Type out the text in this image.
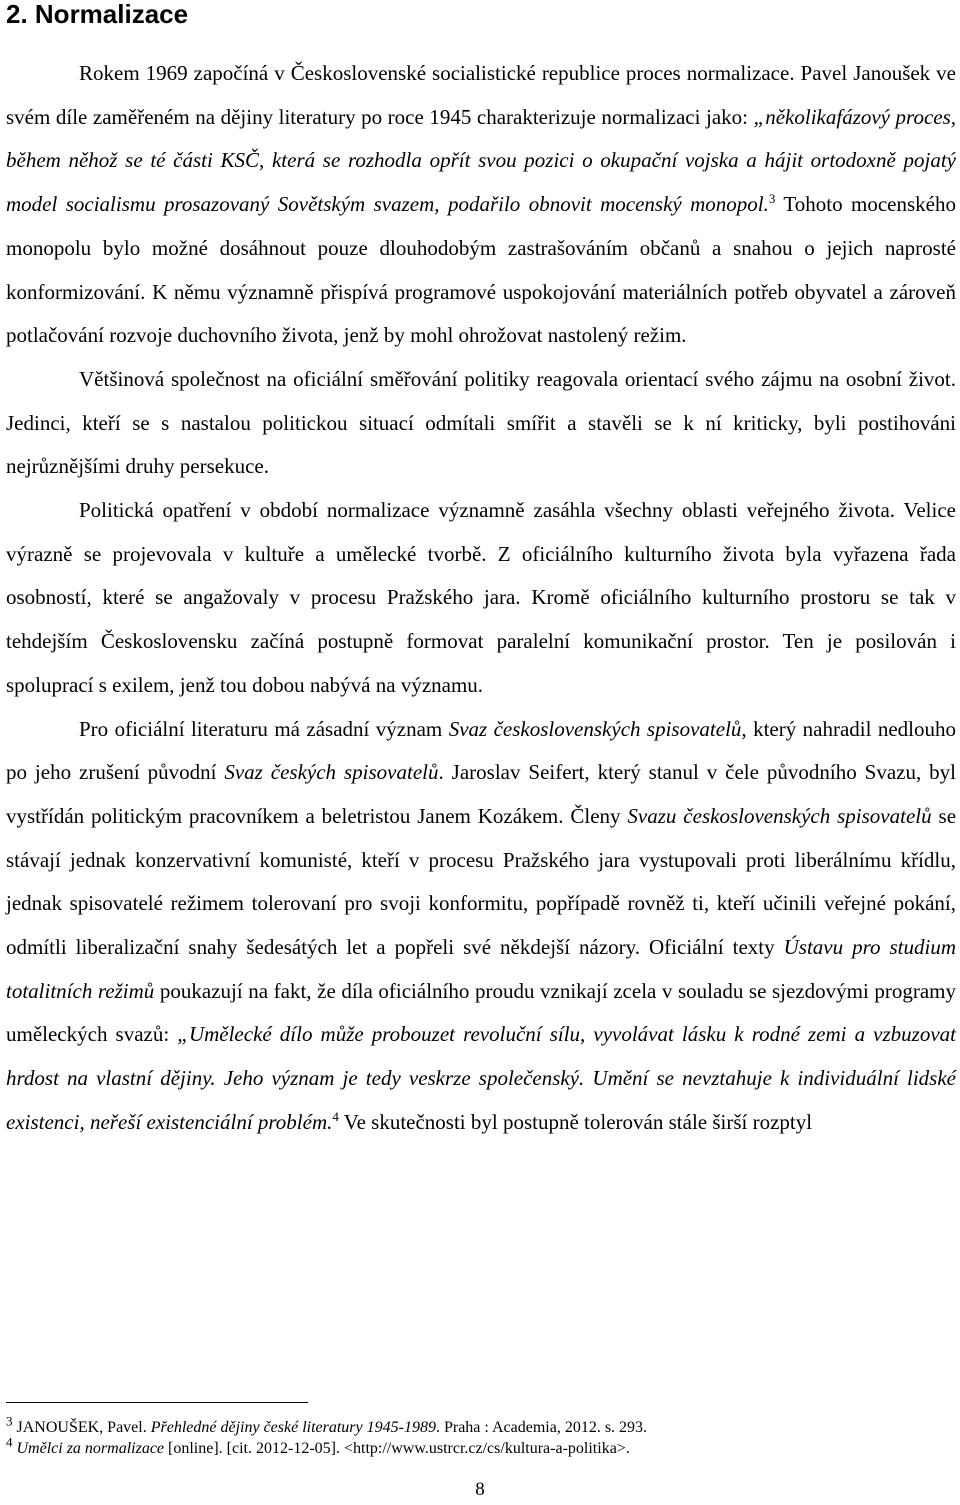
2. Normalizace

Rokem 1969 započíná v Československé socialistické republice proces normalizace. Pavel Janoušek ve svém díle zaměřeném na dějiny literatury po roce 1945 charakterizuje normalizaci jako: „několikafázový proces, během něhož se té části KSČ, která se rozhodla opřít svou pozici o okupační vojska a hájit ortodoxně pojatý model socialismu prosazovaný Sovětským svazem, podařilo obnovit mocenský monopol.$^3$ Tohoto mocenského monopolu bylo možné dosáhnout pouze dlouhodobým zastrašováním občanů a snahou o jejich naprosté konformizování. K němu významně přispívá programové uspokojování materiálních potřeb obyvatel a zároveň potlačování rozvoje duchovního života, jenž by mohl ohrožovat nastolený režim.

Většinová společnost na oficiální směřování politiky reagovala orientací svého zájmu na osobní život. Jedinci, kteří se s nastalou politickou situací odmítali smířit a stavěli se k ní kriticky, byli postihováni nejrůznějšími druhy persekuce.

Politická opatření v období normalizace významně zasáhla všechny oblasti veřejného života. Velice výrazně se projevovala v kultuře a umělecké tvorbě. Z oficiálního kulturního života byla vyřazena řada osobností, které se angažovaly v procesu Pražského jara. Kromě oficiálního kulturního prostoru se tak v tehdejším Československu začíná postupně formovat paralelní komunikační prostor. Ten je posilován i spoluprací s exilem, jenž tou dobou nabývá na významu.

Pro oficiální literaturu má zásadní význam Svaz československých spisovatelů, který nahradil nedlouho po jeho zrušení původní Svaz českých spisovatelů. Jaroslav Seifert, který stanul v čele původního Svazu, byl vystřídán politickým pracovníkem a beletristou Janem Kozákem. Členy Svazu československých spisovatelů se stávají jednak konzervativní komunisté, kteří v procesu Pražského jara vystupovali proti liberálnímu křídlu, jednak spisovatelé režimem tolerovaní pro svoji konformitu, popřípadě rovněž ti, kteří učinili veřejné pokání, odmítli liberalizační snahy šedesátých let a popřeli své někdejší názory. Oficiální texty Ústavu pro studium totalitních režimů poukazují na fakt, že díla oficiálního proudu vznikají zcela v souladu se sjezdovými programy uměleckých svazů: „Umělecké dílo může probouzet revoluční sílu, vyvolávat lásku k rodné zemi a vzbuzovat hrdost na vlastní dějiny. Jeho význam je tedy veskrze společenský. Umění se nevztahuje k individuální lidské existenci, neřeší existenciální problém.$^4$ Ve skutečnosti byl postupně tolerován stále širší rozptyl

$^3$ JANOUŠEK, Pavel. Přehledné dějiny české literatury 1945-1989. Praha : Academia, 2012. s. 293.
$^4$ Umělci za normalizace [online]. [cit. 2012-12-05]. <http://www.ustrcr.cz/cs/kultura-a-politika>.
8
